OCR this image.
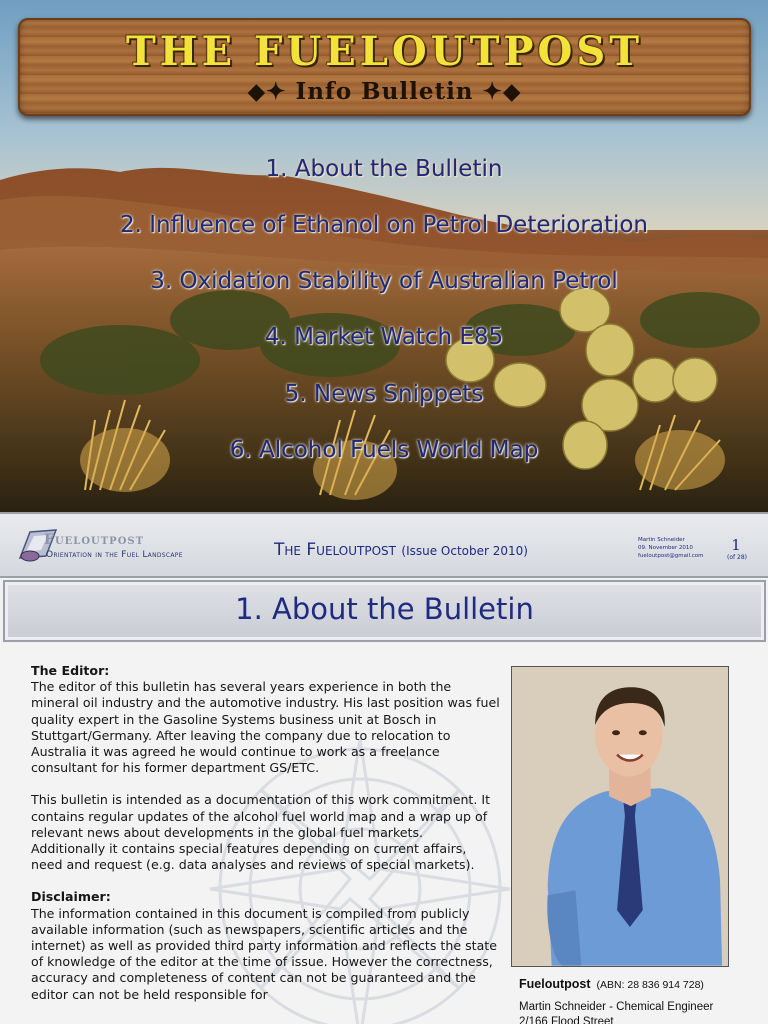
THE FUELOUTPOST
◆✦ Info Bulletin ✦◆
1. About the Bulletin
2. Influence of Ethanol on Petrol Deterioration
3. Oxidation Stability of Australian Petrol
4. Market Watch E85
5. News Snippets
6. Alcohol Fuels World Map
Fueloutpost
Orientation in the Fuel Landscape	The Fueloutpost (Issue October 2010)
Martin Schneider
09. November 2010
fueloutpost@gmail.com
1
(of 28)
1. About the Bulletin
The Editor:

The editor of this bulletin has several years experience in both the mineral oil industry and the automotive industry. His last position was fuel quality expert in the Gasoline Systems business unit at Bosch in Stuttgart/Germany. After leaving the company due to relocation to Australia it was agreed he would continue to work as a freelance consultant for his former department GS/ETC.

This bulletin is intended as a documentation of this work commitment. It contains regular updates of the alcohol fuel world map and a wrap up of relevant news about developments in the global fuel markets. Additionally it contains special features depending on current affairs, need and request (e.g. data analyses and reviews of special markets).

Disclaimer:
The information contained in this document is compiled from publicly available information (such as newspapers, scientific articles and the internet) as well as provided third party information and reflects the state of knowledge of the editor at the time of issue. However the correctness, accuracy and completeness of content can not be guaranteed and the editor can not be held responsible for
Fueloutpost (ABN: 28 836 914 728)
Martin Schneider - Chemical Engineer
2/166 Flood Street
